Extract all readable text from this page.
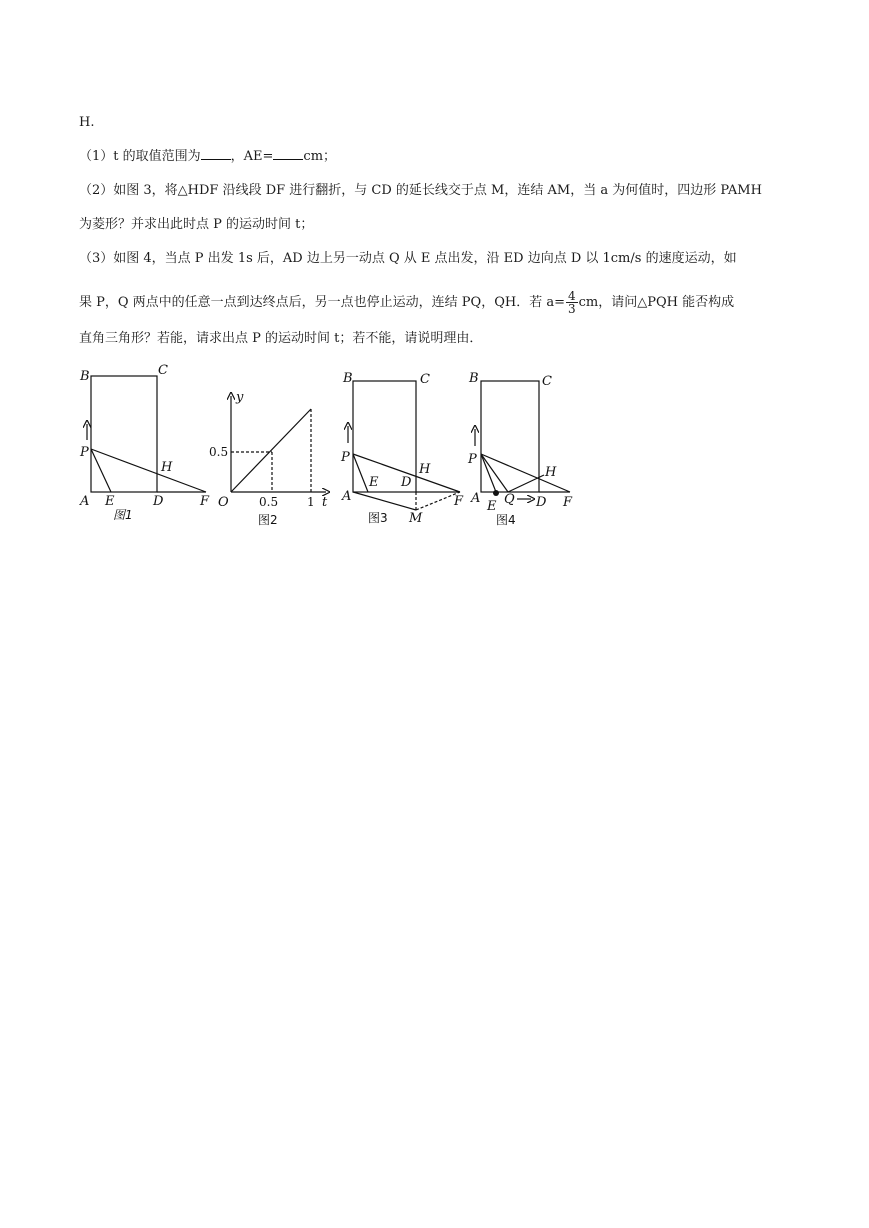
H.
（1）t 的取值范围为 ，AE= cm；
（2）如图 3，将△HDF 沿线段 DF 进行翻折，与 CD 的延长线交于点 M，连结 AM，当 a 为何值时，四边形 PAMH
为菱形？并求出此时点 P 的运动时间 t；
（3）如图 4，当点 P 出发 1s 后，AD 边上另一动点 Q 从 E 点出发，沿 ED 边向点 D 以 1cm/s 的速度运动，如
果 P，Q 两点中的任意一点到达终点后，另一点也停止运动，连结 PQ，QH．若 $a= \frac{4}{3}$ cm，请问△PQH 能否构成
直角三角形？若能，请求出点 P 的运动时间 t；若不能，请说明理由．
B	C
P
H
A E	D	F
图1
y
t
O
0.5
0.5 1
图2
B	C
P
H
A
E D
F
M
图3
B	C
P
H
A
E Q D F
图4
